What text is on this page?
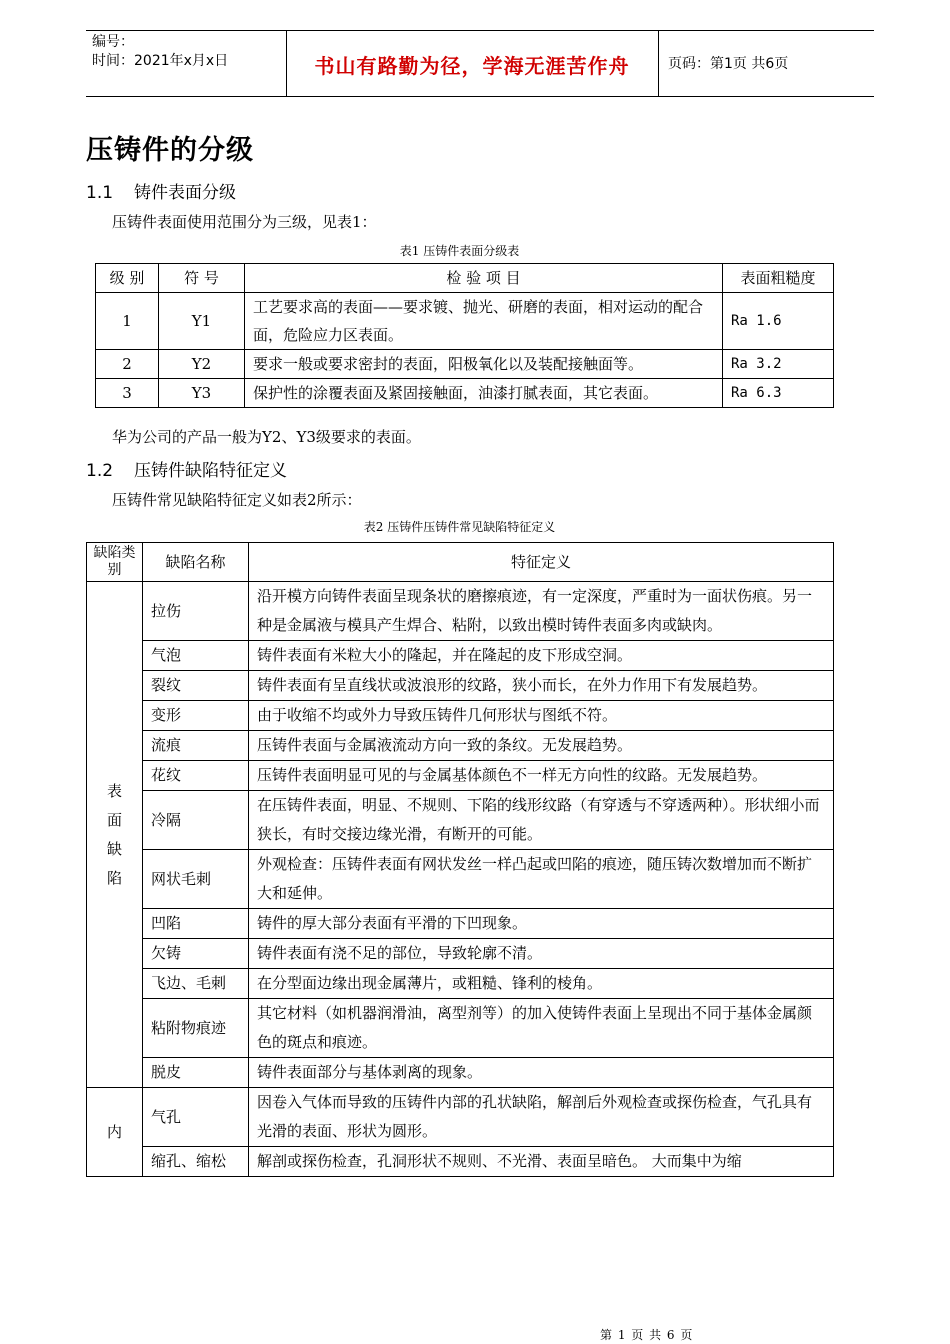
编号：
时间：2021年x月x日	书山有路勤为径，学海无涯苦作舟	页码：第1页 共6页
压铸件的分级
1.1 铸件表面分级
压铸件表面使用范围分为三级，见表1：
表1 压铸件表面分级表
级 别	符 号	检 验 项 目	表面粗糙度
1	Y1	工艺要求高的表面——要求镀、抛光、研磨的表面，相对运动的配合面，危险应力区表面。	Ra 1.6
2	Y2	要求一般或要求密封的表面，阳极氧化以及装配接触面等。	Ra 3.2
3	Y3	保护性的涂覆表面及紧固接触面，油漆打腻表面，其它表面。	Ra 6.3
华为公司的产品一般为Y2、Y3级要求的表面。
1.2 压铸件缺陷特征定义
压铸件常见缺陷特征定义如表2所示：
表2 压铸件压铸件常见缺陷特征定义
缺陷类别	缺陷名称	特征定义

表
面
缺
陷	拉伤	沿开模方向铸件表面呈现条状的磨擦痕迹，有一定深度，严重时为一面状伤痕。另一种是金属液与模具产生焊合、粘附，以致出模时铸件表面多肉或缺肉。
	气泡	铸件表面有米粒大小的隆起，并在隆起的皮下形成空洞。
	裂纹	铸件表面有呈直线状或波浪形的纹路，狭小而长，在外力作用下有发展趋势。
	变形	由于收缩不均或外力导致压铸件几何形状与图纸不符。
	流痕	压铸件表面与金属液流动方向一致的条纹。无发展趋势。
	花纹	压铸件表面明显可见的与金属基体颜色不一样无方向性的纹路。无发展趋势。
	冷隔	在压铸件表面，明显、不规则、下陷的线形纹路（有穿透与不穿透两种）。形状细小而狭长，有时交接边缘光滑，有断开的可能。
	网状毛刺	外观检查：压铸件表面有网状发丝一样凸起或凹陷的痕迹，随压铸次数增加而不断扩大和延伸。
	凹陷	铸件的厚大部分表面有平滑的下凹现象。
	欠铸	铸件表面有浇不足的部位，导致轮廓不清。
	飞边、毛刺	在分型面边缘出现金属薄片，或粗糙、锋利的棱角。
	粘附物痕迹	其它材料（如机器润滑油，离型剂等）的加入使铸件表面上呈现出不同于基体金属颜色的斑点和痕迹。
	脱皮	铸件表面部分与基体剥离的现象。
内	气孔	因卷入气体而导致的压铸件内部的孔状缺陷，解剖后外观检查或探伤检查，气孔具有光滑的表面、形状为圆形。
	缩孔、缩松	解剖或探伤检查，孔洞形状不规则、不光滑、表面呈暗色。 大而集中为缩
第 1 页 共 6 页
